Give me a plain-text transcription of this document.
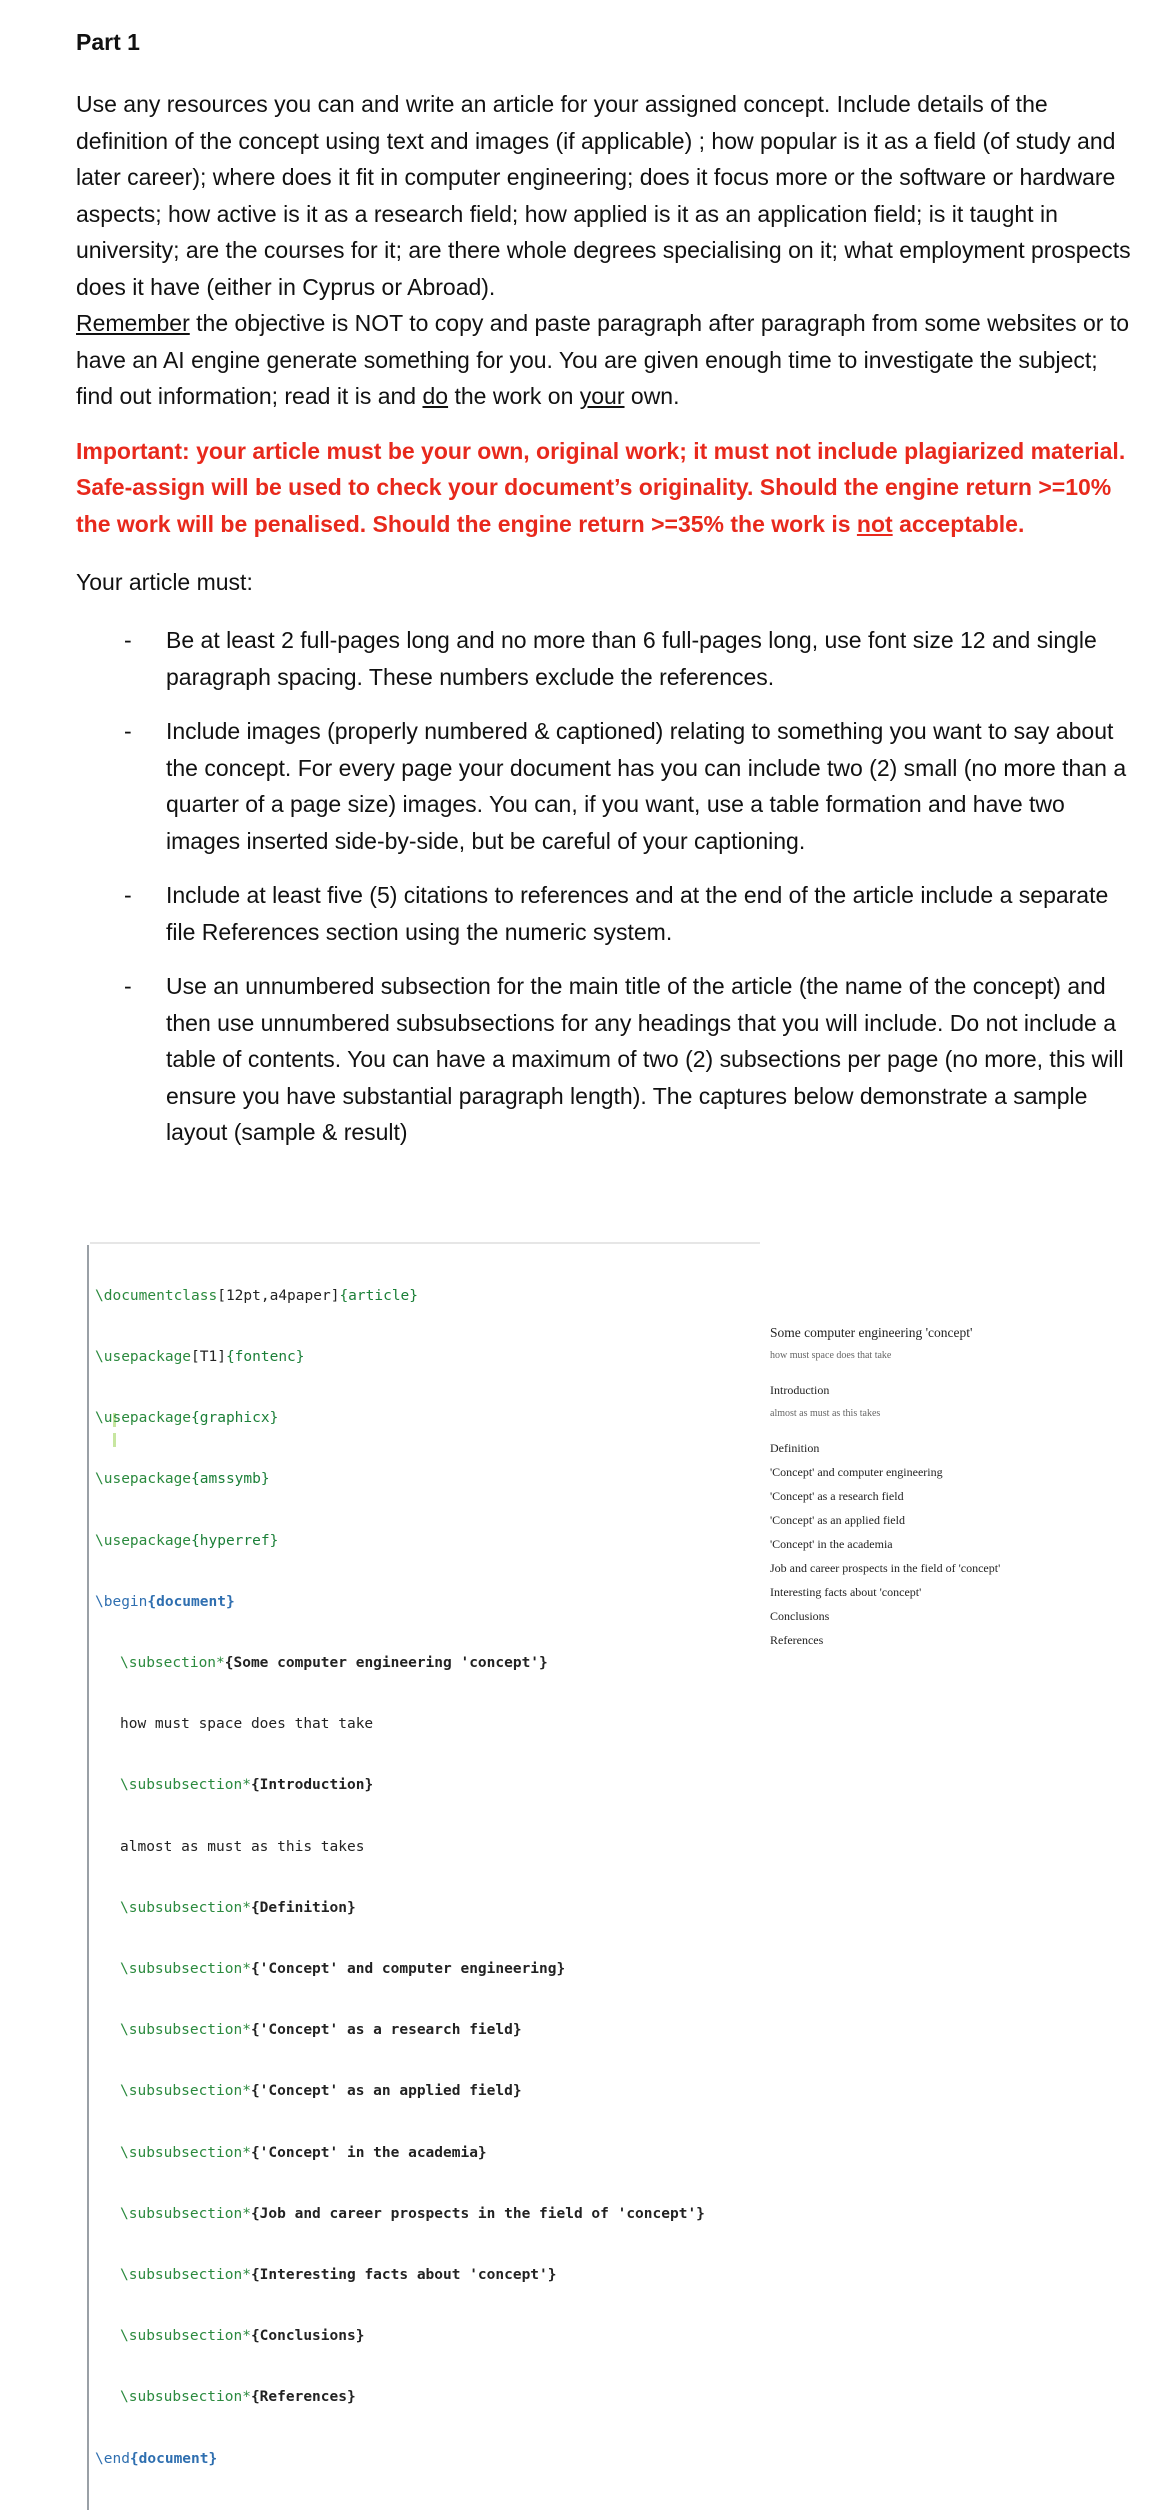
Part 1

Use any resources you can and write an article for your assigned concept. Include details of the definition of the concept using text and images (if applicable) ; how popular is it as a field (of study and later career); where does it fit in computer engineering; does it focus more or the software or hardware aspects; how active is it as a research field; how applied is it as an application field; is it taught in university; are the courses for it; are there whole degrees specialising on it; what employment prospects does it have (either in Cyprus or Abroad).
Remember the objective is NOT to copy and paste paragraph after paragraph from some websites or to have an AI engine generate something for you. You are given enough time to investigate the subject; find out information; read it is and do the work on your own.

Important: your article must be your own, original work; it must not include plagiarized material. Safe-assign will be used to check your document’s originality. Should the engine return >=10% the work will be penalised. Should the engine return >=35% the work is not acceptable.

Your article must:

- Be at least 2 full-pages long and no more than 6 full-pages long, use font size 12 and single paragraph spacing. These numbers exclude the references.
- Include images (properly numbered & captioned) relating to something you want to say about the concept. For every page your document has you can include two (2) small (no more than a quarter of a page size) images. You can, if you want, use a table formation and have two images inserted side-by-side, but be careful of your captioning.
- Include at least five (5) citations to references and at the end of the article include a separate file References section using the numeric system.
- Use an unnumbered subsection for the main title of the article (the name of the concept) and then use unnumbered subsubsections for any headings that you will include. Do not include a table of contents. You can have a maximum of two (2) subsections per page (no more, this will ensure you have substantial paragraph length). The captures below demonstrate a sample layout (sample & result)

\documentclass[12pt,a4paper]{article}

\usepackage[T1]{fontenc}

\usepackage{graphicx}

\usepackage{amssymb}

\usepackage{hyperref}

\begin{document}

\subsection*{Some computer engineering 'concept'}

how must space does that take

\subsubsection*{Introduction}

almost as must as this takes

\subsubsection*{Definition}

\subsubsection*{'Concept' and computer engineering}

\subsubsection*{'Concept' as a research field}

\subsubsection*{'Concept' as an applied field}

\subsubsection*{'Concept' in the academia}

\subsubsection*{Job and career prospects in the field of 'concept'}

\subsubsection*{Interesting facts about 'concept'}

\subsubsection*{Conclusions}

\subsubsection*{References}

\end{document}

Some computer engineering 'concept'
how must space does that take
Introduction
almost as must as this takes
Definition
'Concept' and computer engineering
'Concept' as a research field
'Concept' as an applied field
'Concept' in the academia
Job and career prospects in the field of 'concept'
Interesting facts about 'concept'
Conclusions
References
